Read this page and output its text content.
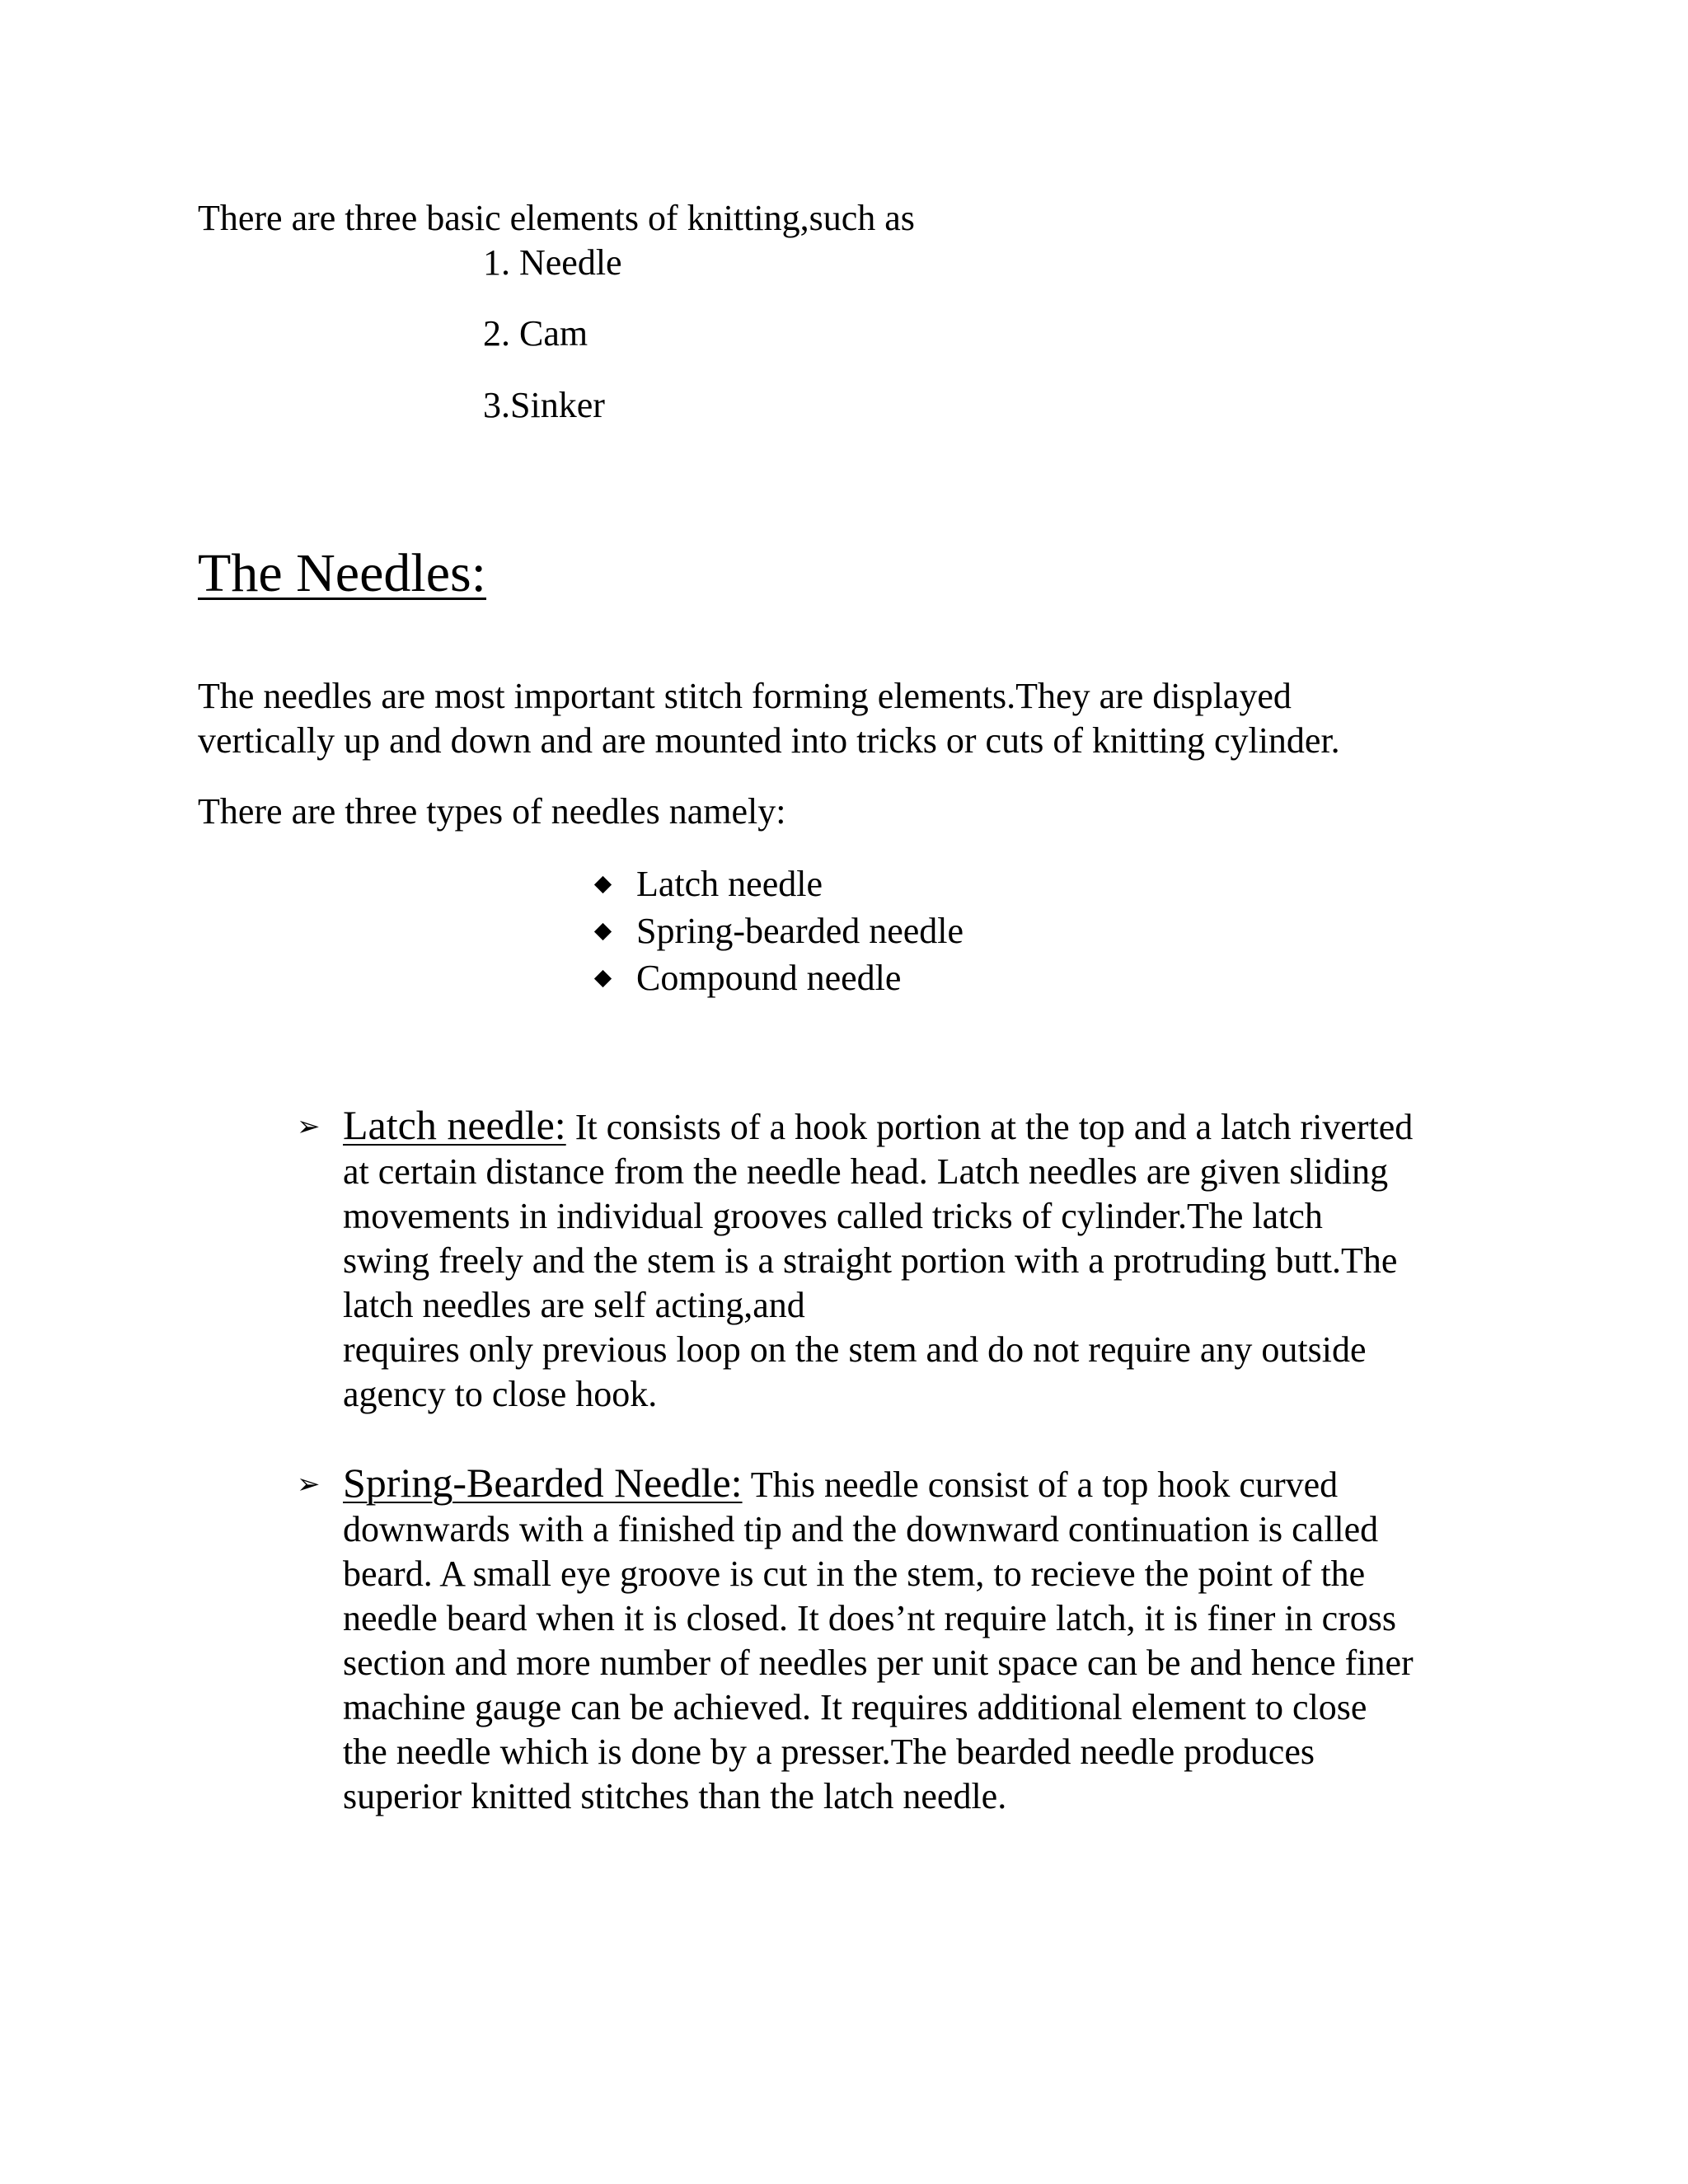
There are three basic elements of knitting,such as
1. Needle
2. Cam
3.Sinker
The Needles:
The needles are most important stitch forming elements.They are displayed
vertically up and down and are mounted into tricks or cuts of knitting cylinder.
There are three types of needles namely:
Latch needle
Spring-bearded needle
Compound needle
➢ Latch needle: It consists of a hook portion at the top and a latch riverted
at certain distance from the needle head. Latch needles are given sliding
movements in individual grooves called tricks of cylinder.The latch
swing freely and the stem is a straight portion with a protruding butt.The
latch needles are self acting,and
requires only previous loop on the stem and do not require any outside
agency to close hook.
➢ Spring-Bearded Needle: This needle consist of a top hook curved
downwards with a finished tip and the downward continuation is called
beard. A small eye groove is cut in the stem, to recieve the point of the
needle beard when it is closed. It does’nt require latch, it is finer in cross
section and more number of needles per unit space can be and hence finer
machine gauge can be achieved. It requires additional element to close
the needle which is done by a presser.The bearded needle produces
superior knitted stitches than the latch needle.
